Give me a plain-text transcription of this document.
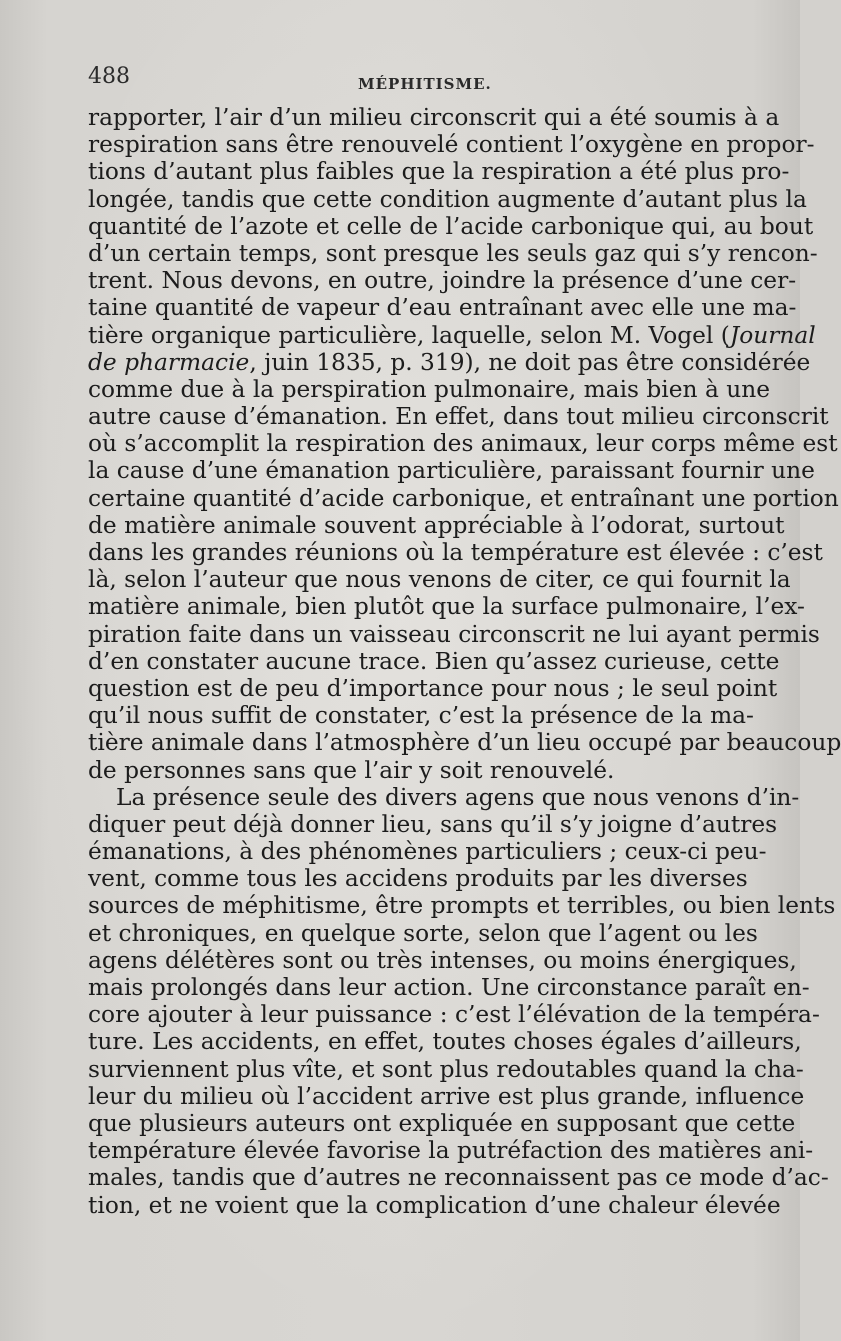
488	MÉPHITISME.

rapporter, l’air d’un milieu circonscrit qui a été soumis à a
respiration sans être renouvelé contient l’oxygène en propor-
tions d’autant plus faibles que la respiration a été plus pro-
longée, tandis que cette condition augmente d’autant plus la
quantité de l’azote et celle de l’acide carbonique qui, au bout
d’un certain temps, sont presque les seuls gaz qui s’y rencon-
trent. Nous devons, en outre, joindre la présence d’une cer-
taine quantité de vapeur d’eau entraînant avec elle une ma-
tière organique particulière, laquelle, selon M. Vogel (Journal
de pharmacie, juin 1835, p. 319), ne doit pas être considérée
comme due à la perspiration pulmonaire, mais bien à une
autre cause d’émanation. En effet, dans tout milieu circonscrit
où s’accomplit la respiration des animaux, leur corps même est
la cause d’une émanation particulière, paraissant fournir une
certaine quantité d’acide carbonique, et entraînant une portion
de matière animale souvent appréciable à l’odorat, surtout
dans les grandes réunions où la température est élevée : c’est
là, selon l’auteur que nous venons de citer, ce qui fournit la
matière animale, bien plutôt que la surface pulmonaire, l’ex-
piration faite dans un vaisseau circonscrit ne lui ayant permis
d’en constater aucune trace. Bien qu’assez curieuse, cette
question est de peu d’importance pour nous ; le seul point
qu’il nous suffit de constater, c’est la présence de la ma-
tière animale dans l’atmosphère d’un lieu occupé par beaucoup
de personnes sans que l’air y soit renouvelé.

La présence seule des divers agens que nous venons d’in-
diquer peut déjà donner lieu, sans qu’il s’y joigne d’autres
émanations, à des phénomènes particuliers ; ceux-ci peu-
vent, comme tous les accidens produits par les diverses
sources de méphitisme, être prompts et terribles, ou bien lents
et chroniques, en quelque sorte, selon que l’agent ou les
agens délétères sont ou très intenses, ou moins énergiques,
mais prolongés dans leur action. Une circonstance paraît en-
core ajouter à leur puissance : c’est l’élévation de la tempéra-
ture. Les accidents, en effet, toutes choses égales d’ailleurs,
surviennent plus vîte, et sont plus redoutables quand la cha-
leur du milieu où l’accident arrive est plus grande, influence
que plusieurs auteurs ont expliquée en supposant que cette
température élevée favorise la putréfaction des matières ani-
males, tandis que d’autres ne reconnaissent pas ce mode d’ac-
tion, et ne voient que la complication d’une chaleur élevée
